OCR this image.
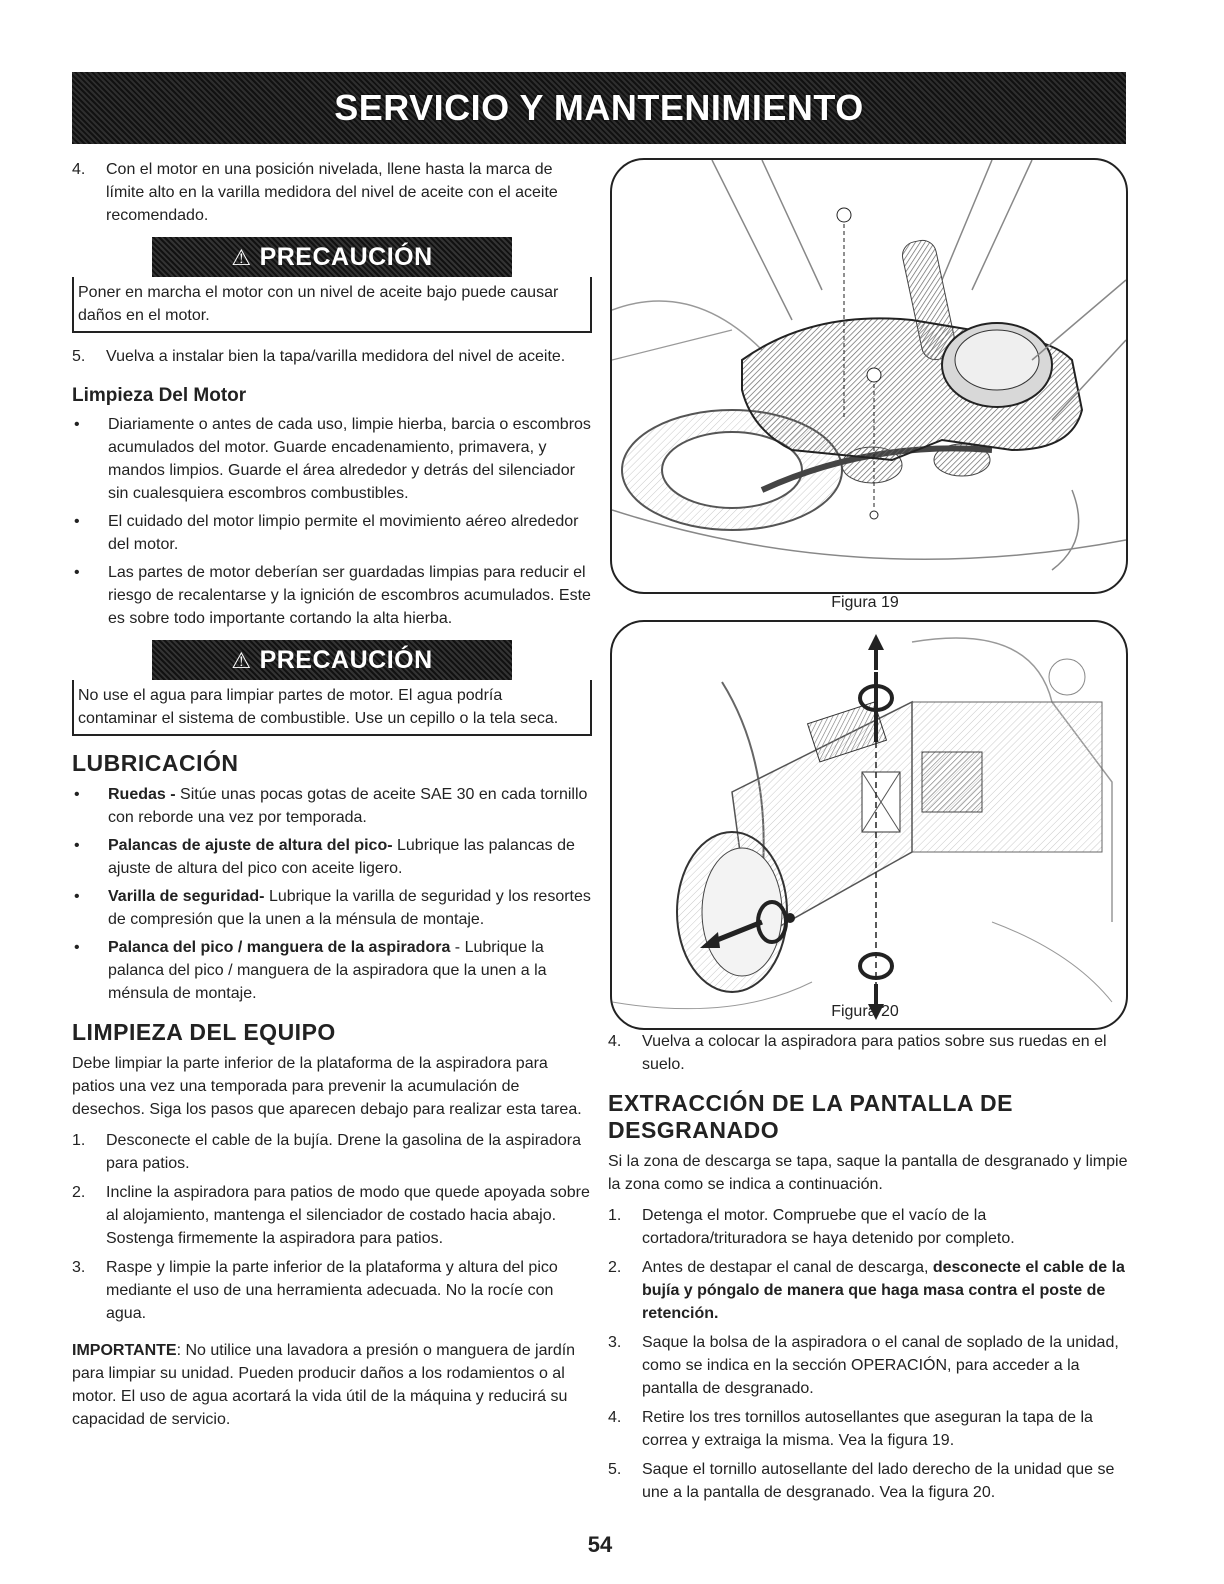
SERVICIO Y MANTENIMIENTO
4.	Con el motor en una posición nivelada, llene hasta la marca de límite alto en la varilla medidora del nivel de aceite con el aceite recomendado.
⚠ PRECAUCIÓN
Poner en marcha el motor con un nivel de aceite bajo puede causar daños en el motor.
5.	Vuelva a instalar bien la tapa/varilla medidora del nivel de aceite.
Limpieza Del Motor
•	Diariamente o antes de cada uso, limpie hierba, barcia o escombros acumulados del motor. Guarde encadenamiento, primavera, y mandos limpios. Guarde el área alrededor y detrás del silenciador sin cualesquiera escombros combustibles.
•	El cuidado del motor limpio permite el movimiento aéreo alrededor del motor.
•	Las partes de motor deberían ser guardadas limpias para reducir el riesgo de recalentarse y la ignición de escombros acumulados. Este es sobre todo importante cortando la alta hierba.
⚠ PRECAUCIÓN
No use el agua para limpiar partes de motor. El agua podría contaminar el sistema de combustible. Use un cepillo o la tela seca.
LUBRICACIÓN
•	Ruedas - Sitúe unas pocas gotas de aceite SAE 30 en cada tornillo con reborde una vez por temporada.
•	Palancas de ajuste de altura del pico- Lubrique las palancas de ajuste de altura del pico con aceite ligero.
•	Varilla de seguridad- Lubrique la varilla de seguridad y los resortes de compresión que la unen a la ménsula de montaje.
•	Palanca del pico / manguera de la aspiradora - Lubrique la palanca del pico / manguera de la aspiradora que la unen a la ménsula de montaje.
LIMPIEZA DEL EQUIPO

Debe limpiar la parte inferior de la plataforma de la aspiradora para patios una vez una temporada para prevenir la acumulación de desechos. Siga los pasos que aparecen debajo para realizar esta tarea.

1.	Desconecte el cable de la bujía. Drene la gasolina de la aspiradora para patios.
2.	Incline la aspiradora para patios de modo que quede apoyada sobre al alojamiento, mantenga el silenciador de costado hacia abajo. Sostenga firmemente la aspiradora para patios.
3.	Raspe y limpie la parte inferior de la plataforma y altura del pico mediante el uso de una herramienta adecuada. No la rocíe con agua.

IMPORTANTE: No utilice una lavadora a presión o manguera de jardín para limpiar su unidad. Pueden producir daños a los rodamientos o al motor. El uso de agua acortará la vida útil de la máquina y reducirá su capacidad de servicio.

Figura 19
Figura 20
4.	Vuelva a colocar la aspiradora para patios sobre sus ruedas en el suelo.
EXTRACCIÓN DE LA PANTALLA DE DESGRANADO

Si la zona de descarga se tapa, saque la pantalla de desgranado y limpie la zona como se indica a continuación.

1.	Detenga el motor. Compruebe que el vacío de la cortadora/trituradora se haya detenido por completo.
2.	Antes de destapar el canal de descarga, desconecte el cable de la bujía y póngalo de manera que haga masa contra el poste de retención.
3.	Saque la bolsa de la aspiradora o el canal de soplado de la unidad, como se indica en la sección OPERACIÓN, para acceder a la pantalla de desgranado.
4.	Retire los tres tornillos autosellantes que aseguran la tapa de la correa y extraiga la misma. Vea la figura 19.
5.	Saque el tornillo autosellante del lado derecho de la unidad que se une a la pantalla de desgranado. Vea la figura 20.
54
